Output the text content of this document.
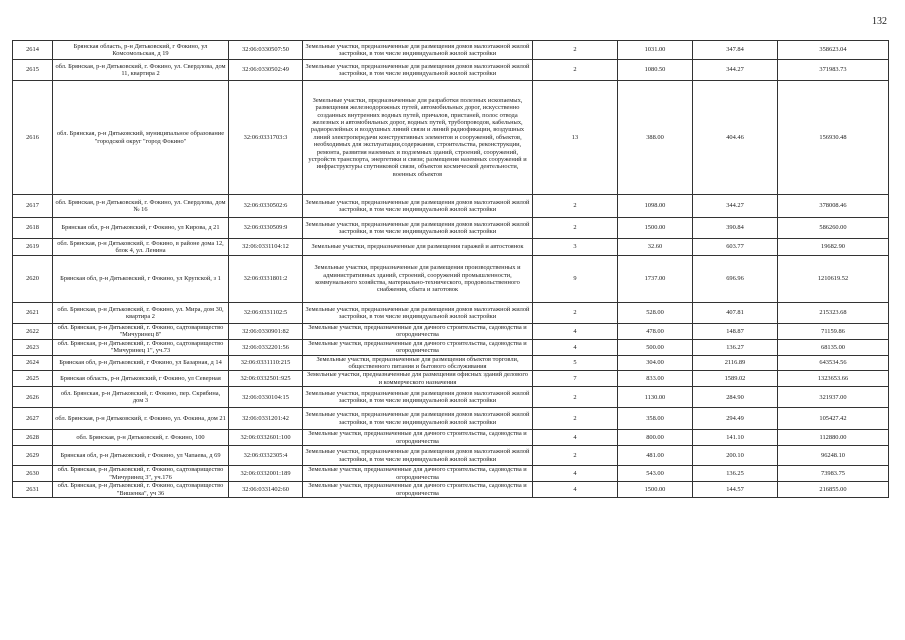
132
2614	Брянская область, р-н Дятьковский, г Фокино, ул Комсомольская, д 19	32:06:0330507:50	Земельные участки, предназначенные для размещения домов малоэтажной жилой застройки, в том числе индивидуальной жилой застройки	2	1031.00	347.84	358623.04
2615	обл. Брянская, р-н Дятьковский, г. Фокино, ул. Свердлова, дом 11, квартира 2	32:06:0330502:49	Земельные участки, предназначенные для размещения домов малоэтажной жилой застройки, в том числе индивидуальной жилой застройки	2	1080.50	344.27	371983.73
2616	обл. Брянская, р-н Дятьковский, муниципальное образование "городской округ "город Фокино"	32:06:0331703:3	Земельные участки, предназначенные для разработки полезных ископаемых, размещения железнодорожных путей, автомобильных дорог, искусственно созданных внутренних водных путей, причалов, пристаней, полос отвода железных и автомобильных дорог, водных путей, трубопроводов, кабельных, радиорелейных и воздушных линий связи и линий радиофикации, воздушных линий электропередачи конструктивных элементов и сооружений, объектов, необходимых для эксплуатации,содержания, строительства, реконструкции, ремонта, развития наземных и подземных зданий, строений, сооружений, устройств транспорта, энергетики и связи; размещения наземных сооружений и инфраструктуры спутниковой связи, объектов космической деятельности, военных объектов	13	388.00	404.46	156930.48
2617	обл. Брянская, р-н Дятьковский, г. Фокино, ул. Свердлова, дом № 16	32:06:0330502:6	Земельные участки, предназначенные для размещения домов малоэтажной жилой застройки, в том числе индивидуальной жилой застройки	2	1098.00	344.27	378008.46
2618	Брянская обл, р-н Дятьковский, г Фокино, ул Кирова, д 21	32:06:0330509:9	Земельные участки, предназначенные для размещения домов малоэтажной жилой застройки, в том числе индивидуальной жилой застройки	2	1500.00	390.84	586260.00
2619	обл. Брянская, р-н Дятьковский, г. Фокино, в районе дома 12, блок 4, ул. Ленина	32:06:0331104:12	Земельные участки, предназначенные для размещения гаражей и автостоянок	3	32.60	603.77	19682.90
2620	Брянская обл, р-н Дятьковский, г Фокино, ул Крупской, з 1	32:06:0331801:2	Земельные участки, предназначенные для размещения производственных и административных зданий, строений, сооружений промышленности, коммунального хозяйства, материально-технического, продовольственного снабжения, сбыта и заготовок	9	1737.00	696.96	1210619.52
2621	обл. Брянская, р-н Дятьковский, г. Фокино, ул. Мира, дом 30, квартира 2	32:06:0331102:5	Земельные участки, предназначенные для размещения домов малоэтажной жилой застройки, в том числе индивидуальной жилой застройки	2	528.00	407.81	215323.68
2622	обл. Брянская, р-н Дятьковский, г. Фокино, садтоварищество "Мичуринец 8"	32:06:0330901:82	Земельные участки, предназначенные для дачного строительства, садоводства и огородничества	4	478.00	148.87	71159.86
2623	обл. Брянская, р-н Дятьковский, г. Фокино, садтоварищество "Мичуринец 1", уч.73	32:06:0332201:56	Земельные участки, предназначенные для дачного строительства, садоводства и огородничества	4	500.00	136.27	68135.00
2624	Брянская обл, р-н Дятьковский, г Фокино, ул Базарная, д 14	32:06:0331110:215	Земельные участки, предназначенные для размещения объектов торговли, общественного питания и бытового обслуживания	5	304.00	2116.89	643534.56
2625	Брянская область, р-н Дятьковский, г Фокино, ул Северная	32:06:0332501:925	Земельные участки, предназначенные для размещения офисных зданий делового и коммерческого назначения	7	833.00	1589.02	1323653.66
2626	обл. Брянская, р-н Дятьковский, г. Фокино, пер. Скрябина, дом 3	32:06:0330104:15	Земельные участки, предназначенные для размещения домов малоэтажной жилой застройки, в том числе индивидуальной жилой застройки	2	1130.00	284.90	321937.00
2627	обл. Брянская, р-н Дятьковский, г. Фокино, ул. Фокина, дом 21	32:06:0331201:42	Земельные участки, предназначенные для размещения домов малоэтажной жилой застройки, в том числе индивидуальной жилой застройки	2	358.00	294.49	105427.42
2628	обл. Брянская, р-н Дятьковский, г. Фокино, 100	32:06:0332601:100	Земельные участки, предназначенные для дачного строительства, садоводства и огородничества	4	800.00	141.10	112880.00
2629	Брянская обл, р-н Дятьковский, г Фокино, ул Чапаева, д 69	32:06:0332305:4	Земельные участки, предназначенные для размещения домов малоэтажной жилой застройки, в том числе индивидуальной жилой застройки	2	481.00	200.10	96248.10
2630	обл. Брянская, р-н Дятьковский, г. Фокино, садтоварищество "Мичуринец 3", уч.176	32:06:0332001:189	Земельные участки, предназначенные для дачного строительства, садоводства и огородничества	4	543.00	136.25	73983.75
2631	обл. Брянская, р-н Дятьковский, г. Фокино, садтоварищество "Вишенка", уч 36	32:06:0331402:60	Земельные участки, предназначенные для дачного строительства, садоводства и огородничества	4	1500.00	144.57	216855.00
